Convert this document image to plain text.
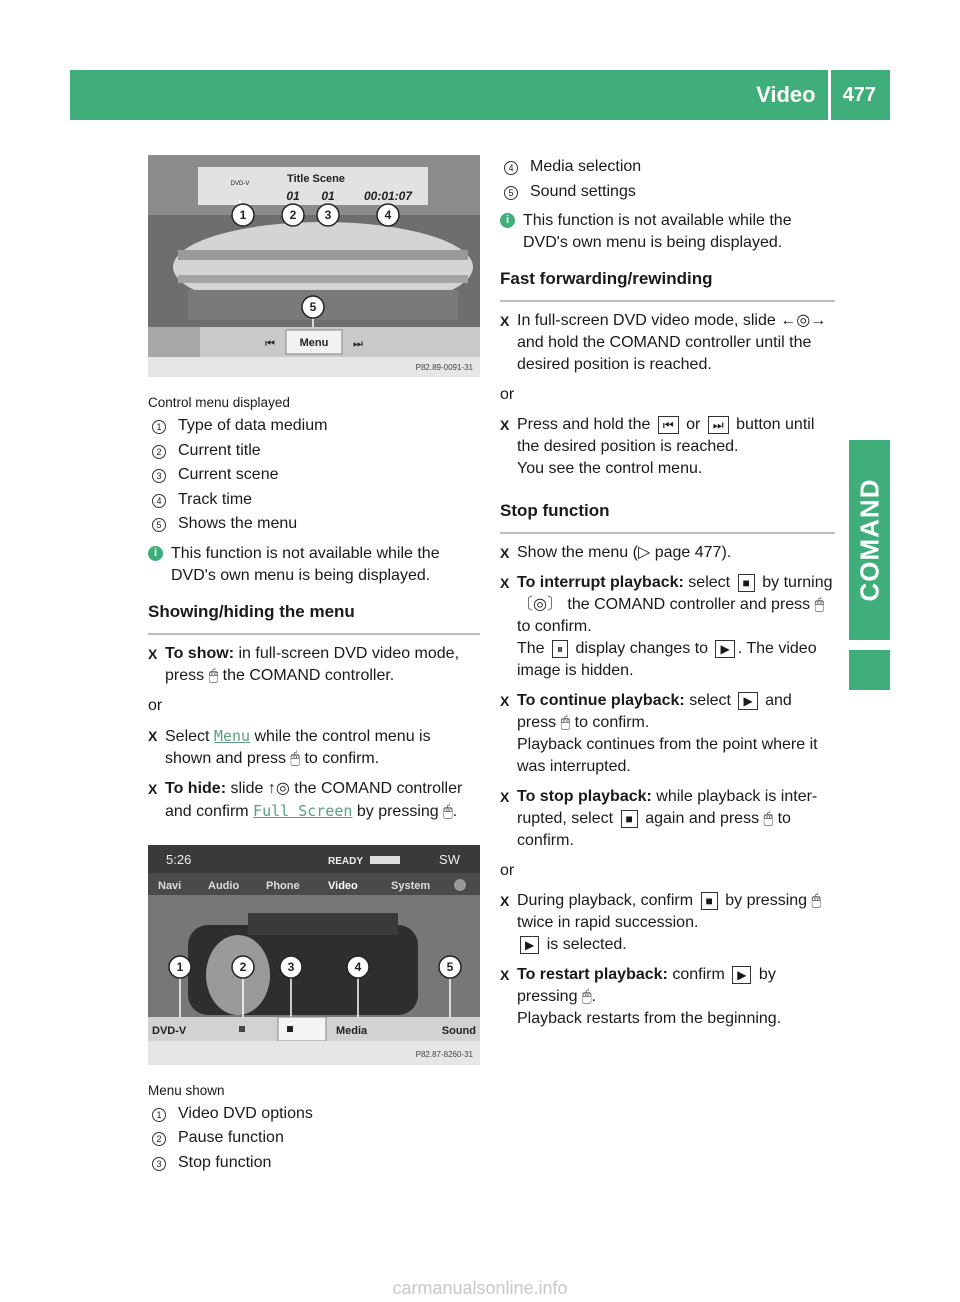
Video	477
COMAND
Title Scene
DVD-V
01 01 00:01:07
1	2 3	4
5
Menu
⏮	⏭
P82.89-0091-31
Control menu displayed
1 Type of data medium
2 Current title
3 Current scene
4 Track time
5 Shows the menu
i This function is not available while the DVD's own menu is being displayed.
Showing/hiding the menu
X To show: in full-screen DVD video mode, press 🖱 the COMAND controller.
or
X Select Menu while the control menu is shown and press 🖱 to confirm.
X To hide: slide ↑◎ the COMAND controller and confirm Full Screen by pressing 🖱.
5:26	READY	SW
Navi Audio Phone	Video	System
1	2	3	4	5
DVD-V	Media	Sound
P82.87-8260-31
Menu shown
1 Video DVD options
2 Pause function
3 Stop function
4 Media selection
5 Sound settings
i This function is not available while the DVD's own menu is being displayed.
Fast forwarding/rewinding
X In full-screen DVD video mode, slide ←◎→ and hold the COMAND controller until the desired position is reached.
or
X Press and hold the ⏮ or ⏭ button until the desired position is reached.
You see the control menu.
Stop function
X Show the menu (▷ page 477).
X To interrupt playback: select ■ by turning 〔◎〕 the COMAND controller and press 🖱 to confirm.
The ⏸ display changes to ▶ . The video image is hidden.
X To continue playback: select ▶ and press 🖱 to confirm.
Playback continues from the point where it was interrupted.
X To stop playback: while playback is inter-rupted, select ■ again and press 🖱 to confirm.
or
X During playback, confirm ■ by pressing 🖱 twice in rapid succession.
▶ is selected.
X To restart playback: confirm ▶ by pressing 🖱.
Playback restarts from the beginning.
carmanualsonline.info
